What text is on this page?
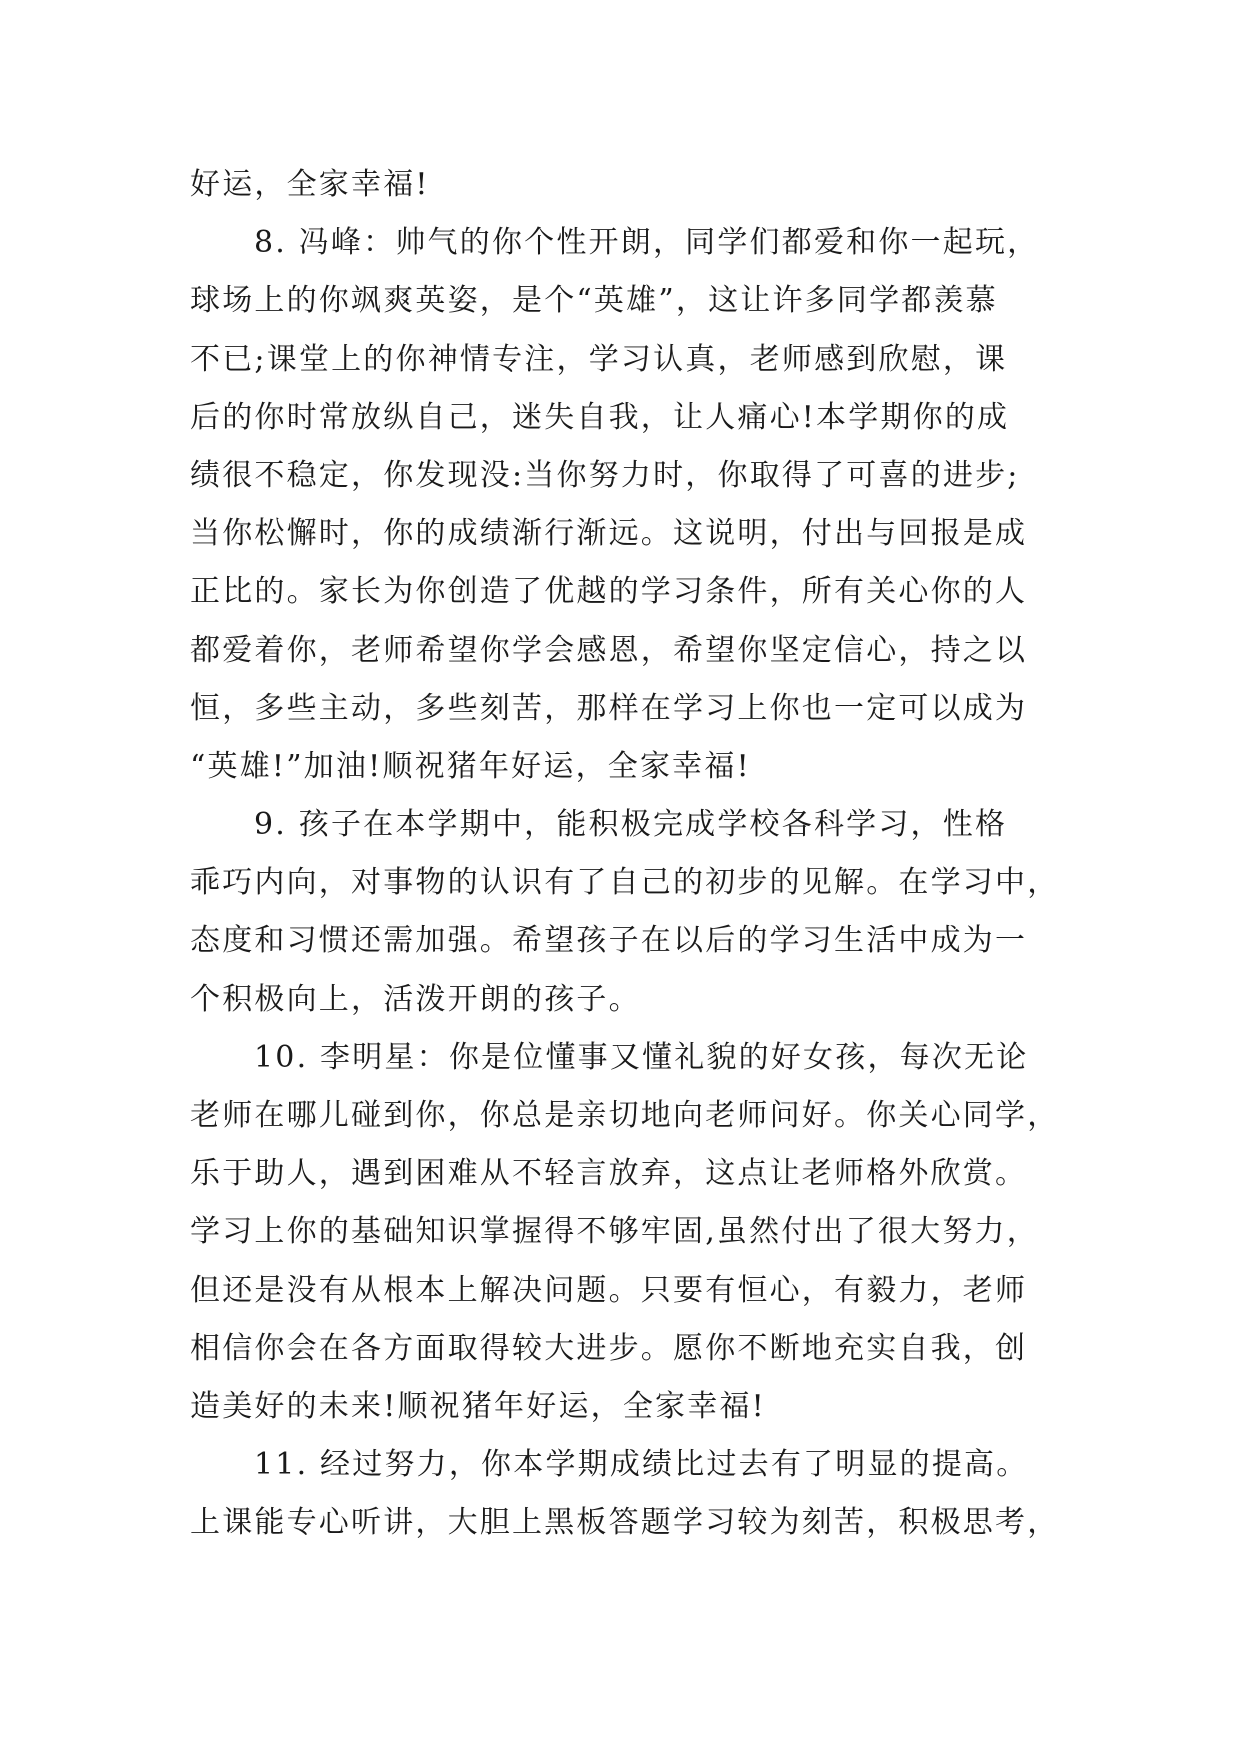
好运，全家幸福!
8. 冯峰：帅气的你个性开朗，同学们都爱和你一起玩，
球场上的你飒爽英姿，是个“英雄”，这让许多同学都羡慕
不已;课堂上的你神情专注，学习认真，老师感到欣慰，课
后的你时常放纵自己，迷失自我，让人痛心!本学期你的成
绩很不稳定，你发现没:当你努力时，你取得了可喜的进步;
当你松懈时，你的成绩渐行渐远。这说明，付出与回报是成
正比的。家长为你创造了优越的学习条件，所有关心你的人
都爱着你，老师希望你学会感恩，希望你坚定信心，持之以
恒，多些主动，多些刻苦，那样在学习上你也一定可以成为
“英雄!”加油!顺祝猪年好运，全家幸福!
9. 孩子在本学期中，能积极完成学校各科学习，性格
乖巧内向，对事物的认识有了自己的初步的见解。在学习中，
态度和习惯还需加强。希望孩子在以后的学习生活中成为一
个积极向上，活泼开朗的孩子。
10. 李明星：你是位懂事又懂礼貌的好女孩，每次无论
老师在哪儿碰到你，你总是亲切地向老师问好。你关心同学，
乐于助人，遇到困难从不轻言放弃，这点让老师格外欣赏。
学习上你的基础知识掌握得不够牢固,虽然付出了很大努力，
但还是没有从根本上解决问题。只要有恒心，有毅力，老师
相信你会在各方面取得较大进步。愿你不断地充实自我，创
造美好的未来!顺祝猪年好运，全家幸福!
11. 经过努力，你本学期成绩比过去有了明显的提高。
上课能专心听讲，大胆上黑板答题学习较为刻苦，积极思考，
